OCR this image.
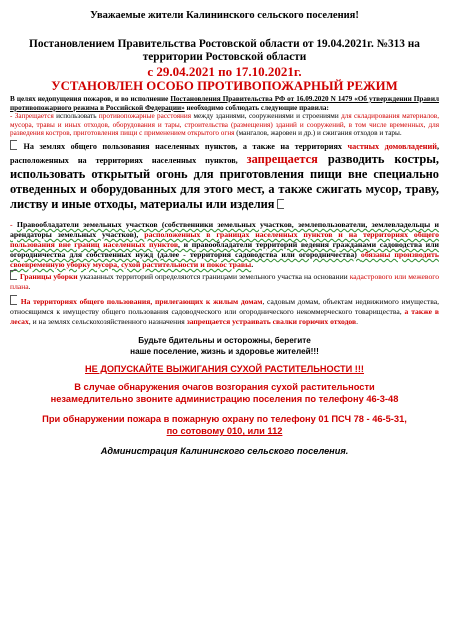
Уважаемые жители Калининского сельского поселения!
Постановлением Правительства Ростовской области от 19.04.2021г. №313 на
территории Ростовской области
с 29.04.2021 по 17.10.2021г.
УСТАНОВЛЕН ОСОБО ПРОТИВОПОЖАРНЫЙ РЕЖИМ

В целях недопущения пожаров, и во исполнение Постановления Правительства РФ от 16.09.2020 N 1479 «Об утверждении Правил противопожарного режима в Российской Федерации» необходимо соблюдать следующие правила:

- Запрещается использовать противопожарные расстояния между зданиями, сооружениями и строениями для складирования материалов, мусора, травы и иных отходов, оборудования и тары, строительства (размещения) зданий и сооружений, в том числе временных, для разведения костров, приготовления пищи с применением открытого огня (мангалов, жаровен и др.) и сжигания отходов и тары.

На землях общего пользования населенных пунктов, а также на территориях частных домовладений, расположенных на территориях населенных пунктов, запрещается разводить костры, использовать открытый огонь для приготовления пищи вне специально отведенных и оборудованных для этого мест, а также сжигать мусор, траву, листву и иные отходы, материалы или изделия

- Правообладатели земельных участков (собственники земельных участков, землепользователи, землевладельцы и арендаторы земельных участков), расположенных в границах населенных пунктов и на территориях общего пользования вне границ населенных пунктов, и правообладатели территорий ведения гражданами садоводства или огородничества для собственных нужд (далее - территория садоводства или огородничества) обязаны производить своевременную уборку мусора, сухой растительности и покос травы.

Границы уборки указанных территорий определяются границами земельного участка на основании кадастрового или межевого плана.

На территориях общего пользования, прилегающих к жилым домам, садовым домам, объектам недвижимого имущества, относящимся к имуществу общего пользования садоводческого или огороднического некоммерческого товарищества, а также в лесах, и на землях сельскохозяйственного назначения запрещается устраивать свалки горючих отходов.

Будьте бдительны и осторожны, берегите
наше поселение, жизнь и здоровье жителей!!!
НЕ ДОПУСКАЙТЕ ВЫЖИГАНИЯ СУХОЙ РАСТИТЕЛЬНОСТИ !!!
В случае обнаружения очагов возгорания сухой растительности
незамедлительно звоните администрацию поселения по телефону 46-3-48
При обнаружении пожара в пожарную охрану по телефону 01 ПСЧ 78 - 46-5-31,
по сотовому 010, или 112
Администрация Калининского сельского поселения.
